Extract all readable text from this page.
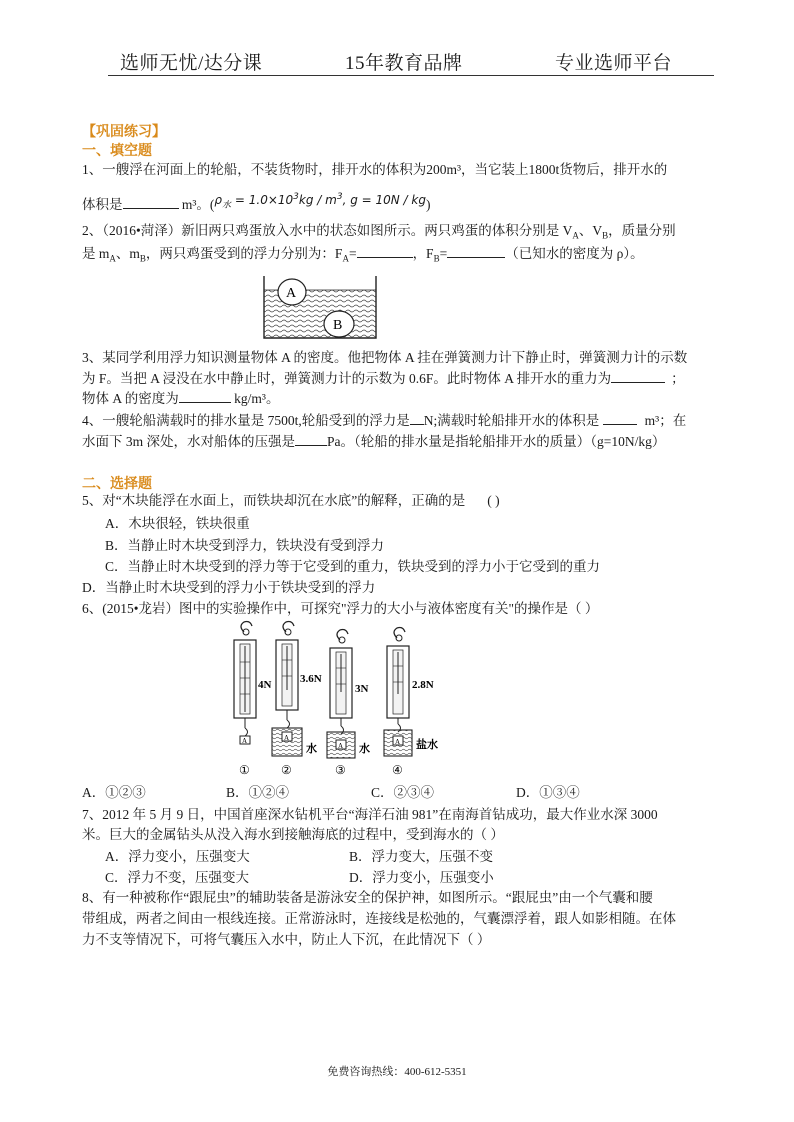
选师无忧/达分课	15年教育品牌	专业选师平台
【巩固练习】
一、填空题
1、一艘浮在河面上的轮船，不装货物时，排开水的体积为200m³，当它装上1800t货物后，排开水的
体积是	m³。($\rho_水 = 1.0\times 10^3kg / m^3$, g = 10N / kg)
2、（2016•菏泽）新旧两只鸡蛋放入水中的状态如图所示。两只鸡蛋的体积分别是 $V_A$、$V_B$，质量分别
是 $m_A$、$m_B$，两只鸡蛋受到的浮力分别为：$F_A=$	，$F_B=$	（已知水的密度为 ρ）。
A
B
3、某同学利用浮力知识测量物体 A 的密度。他把物体 A 挂在弹簧测力计下静止时，弹簧测力计的示数
为 F。当把 A 浸没在水中静止时，弹簧测力计的示数为 0.6F。此时物体 A 排开水的重力为	；
物体 A 的密度为	kg/m³。
4、一艘轮船满载时的排水量是 7500t,轮船受到的浮力是 N;满载时轮船排开水的体积是	m³；在
水面下 3m 深处，水对船体的压强是 Pa。（轮船的排水量是指轮船排开水的质量）（g=10N/kg）
二、选择题
5、对“木块能浮在水面上，而铁块却沉在水底”的解释，正确的是 ( )
A．木块很轻，铁块很重
B．当静止时木块受到浮力，铁块没有受到浮力
C．当静止时木块受到的浮力等于它受到的重力，铁块受到的浮力小于它受到的重力
D．当静止时木块受到的浮力小于铁块受到的浮力
6、(2015•龙岩）图中的实验操作中，可探究"浮力的大小与液体密度有关"的操作是（ ）
A
4N
①
A
3.6N
水
②
A
3N
水
③
A
2.8N
盐水
④
A．①②③	B．①②④	C．②③④	D．①③④
7、2012 年 5 月 9 日，中国首座深水钻机平台“海洋石油 981”在南海首钻成功，最大作业水深 3000
米。巨大的金属钻头从没入海水到接触海底的过程中，受到海水的（ ）
A．浮力变小，压强变大	B．浮力变大，压强不变
C．浮力不变，压强变大	D．浮力变小，压强变小
8、有一种被称作“跟屁虫”的辅助装备是游泳安全的保护神，如图所示。“跟屁虫”由一个气囊和腰
带组成，两者之间由一根线连接。正常游泳时，连接线是松弛的，气囊漂浮着，跟人如影相随。在体
力不支等情况下，可将气囊压入水中，防止人下沉，在此情况下（ ）
免费咨询热线：400-612-5351
